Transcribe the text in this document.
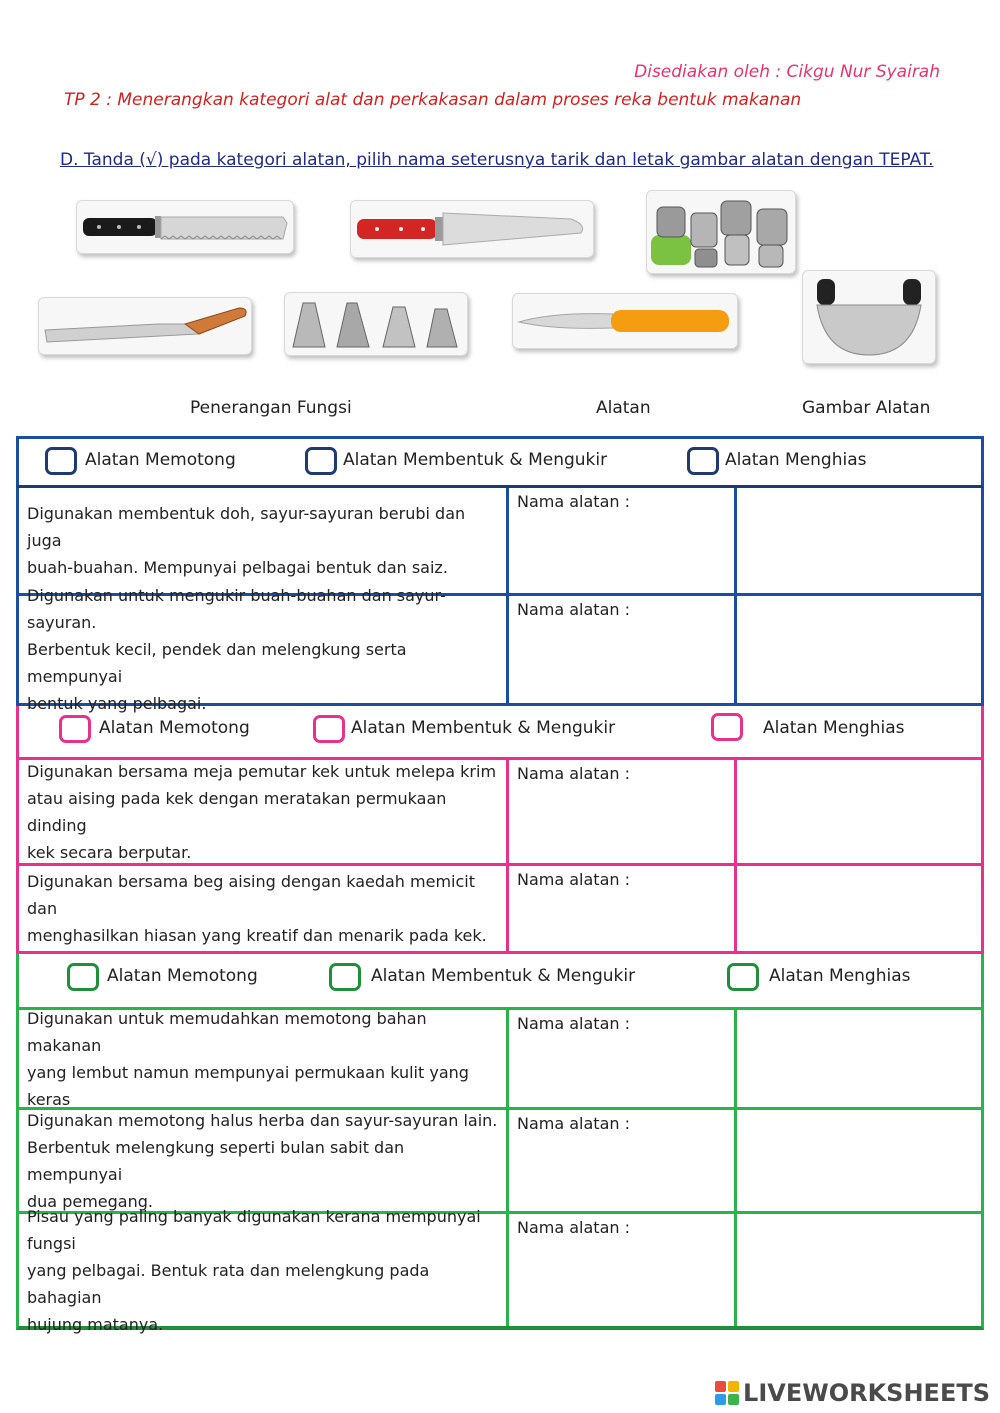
Disediakan oleh : Cikgu Nur Syairah
TP 2 : Menerangkan kategori alat dan perkakasan dalam proses reka bentuk makanan
D. Tanda (√) pada kategori alatan, pilih nama seterusnya tarik dan letak gambar alatan dengan TEPAT.
Penerangan Fungsi	Alatan	Gambar Alatan
Alatan Memotong	Alatan Membentuk & Mengukir	Alatan Menghias
Digunakan membentuk doh, sayur-sayuran berubi dan juga
buah-buahan. Mempunyai pelbagai bentuk dan saiz.
Nama alatan :
Digunakan untuk mengukir buah-buahan dan sayur-sayuran.
Berbentuk kecil, pendek dan melengkung serta mempunyai
bentuk yang pelbagai.
Nama alatan :
Alatan Memotong	Alatan Membentuk & Mengukir	Alatan Menghias
Digunakan bersama meja pemutar kek untuk melepa krim
atau aising pada kek dengan meratakan permukaan dinding
kek secara berputar.
Nama alatan :
Digunakan bersama beg aising dengan kaedah memicit dan
menghasilkan hiasan yang kreatif dan menarik pada kek.
Nama alatan :
Alatan Memotong	Alatan Membentuk & Mengukir	Alatan Menghias
Digunakan untuk memudahkan memotong bahan makanan
yang lembut namun mempunyai permukaan kulit yang keras
Nama alatan :
Digunakan memotong halus herba dan sayur-sayuran lain.
Berbentuk melengkung seperti bulan sabit dan mempunyai
dua pemegang.
Nama alatan :
Pisau yang paling banyak digunakan kerana mempunyai fungsi
yang pelbagai. Bentuk rata dan melengkung pada bahagian
hujung matanya.
Nama alatan :
LIVEWORKSHEETS
